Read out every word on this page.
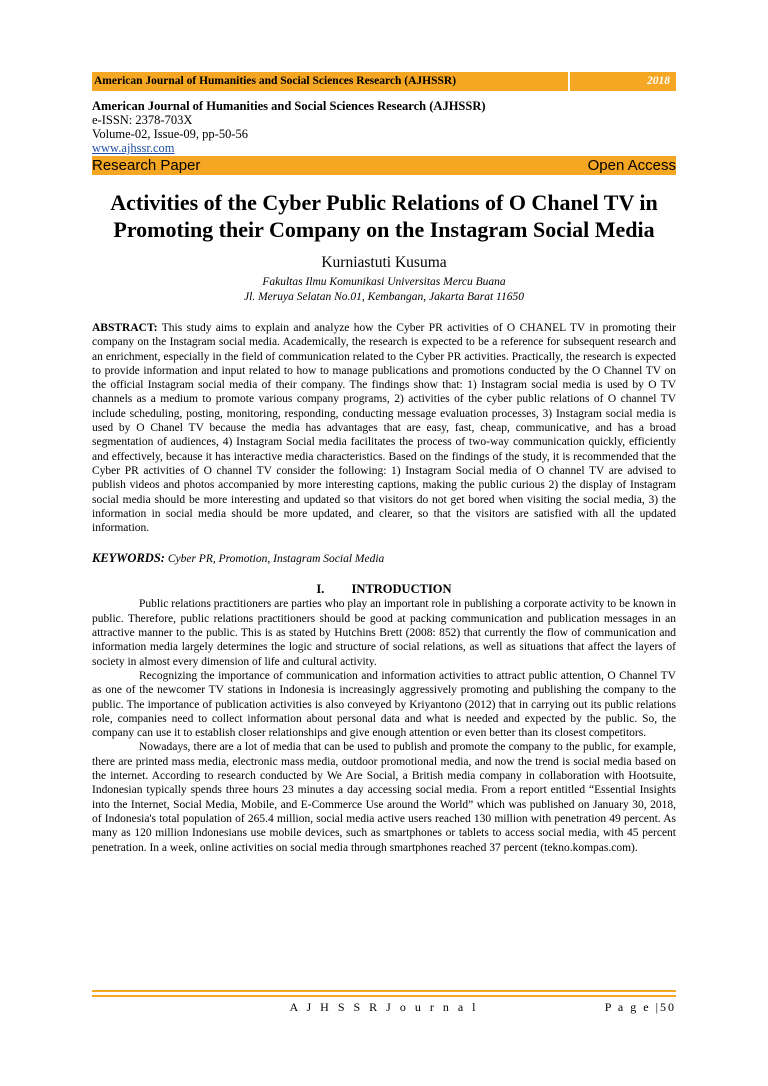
American Journal of Humanities and Social Sciences Research (AJHSSR)	2018
American Journal of Humanities and Social Sciences Research (AJHSSR)
e-ISSN: 2378-703X
Volume-02, Issue-09, pp-50-56
www.ajhssr.com
Research Paper	Open Access
Activities of the Cyber Public Relations of O Chanel TV in Promoting their Company on the Instagram Social Media
Kurniastuti Kusuma
Fakultas Ilmu Komunikasi Universitas Mercu Buana
Jl. Meruya Selatan No.01, Kembangan, Jakarta Barat 11650
ABSTRACT: This study aims to explain and analyze how the Cyber PR activities of O CHANEL TV in promoting their company on the Instagram social media. Academically, the research is expected to be a reference for subsequent research and an enrichment, especially in the field of communication related to the Cyber PR activities. Practically, the research is expected to provide information and input related to how to manage publications and promotions conducted by the O Channel TV on the official Instagram social media of their company. The findings show that: 1) Instagram social media is used by O TV channels as a medium to promote various company programs, 2) activities of the cyber public relations of O channel TV include scheduling, posting, monitoring, responding, conducting message evaluation processes, 3) Instagram social media is used by O Chanel TV because the media has advantages that are easy, fast, cheap, communicative, and has a broad segmentation of audiences, 4) Instagram Social media facilitates the process of two-way communication quickly, efficiently and effectively, because it has interactive media characteristics. Based on the findings of the study, it is recommended that the Cyber PR activities of O channel TV consider the following: 1) Instagram Social media of O channel TV are advised to publish videos and photos accompanied by more interesting captions, making the public curious 2) the display of Instagram social media should be more interesting and updated so that visitors do not get bored when visiting the social media, 3) the information in social media should be more updated, and clearer, so that the visitors are satisfied with all the updated information.
KEYWORDS: Cyber PR, Promotion, Instagram Social Media
I. INTRODUCTION

Public relations practitioners are parties who play an important role in publishing a corporate activity to be known in public. Therefore, public relations practitioners should be good at packing communication and publication messages in an attractive manner to the public. This is as stated by Hutchins Brett (2008: 852) that currently the flow of communication and information media largely determines the logic and structure of social relations, as well as situations that affect the layers of society in almost every dimension of life and cultural activity.

Recognizing the importance of communication and information activities to attract public attention, O Channel TV as one of the newcomer TV stations in Indonesia is increasingly aggressively promoting and publishing the company to the public. The importance of publication activities is also conveyed by Kriyantono (2012) that in carrying out its public relations role, companies need to collect information about personal data and what is needed and expected by the public. So, the company can use it to establish closer relationships and give enough attention or even better than its closest competitors.

Nowadays, there are a lot of media that can be used to publish and promote the company to the public, for example, there are printed mass media, electronic mass media, outdoor promotional media, and now the trend is social media based on the internet. According to research conducted by We Are Social, a British media company in collaboration with Hootsuite, Indonesian typically spends three hours 23 minutes a day accessing social media. From a report entitled “Essential Insights into the Internet, Social Media, Mobile, and E-Commerce Use around the World” which was published on January 30, 2018, of Indonesia's total population of 265.4 million, social media active users reached 130 million with penetration 49 percent. As many as 120 million Indonesians use mobile devices, such as smartphones or tablets to access social media, with 45 percent penetration. In a week, online activities on social media through smartphones reached 37 percent (tekno.kompas.com).

A J H S S R J o u r n a l	P a g e |50
